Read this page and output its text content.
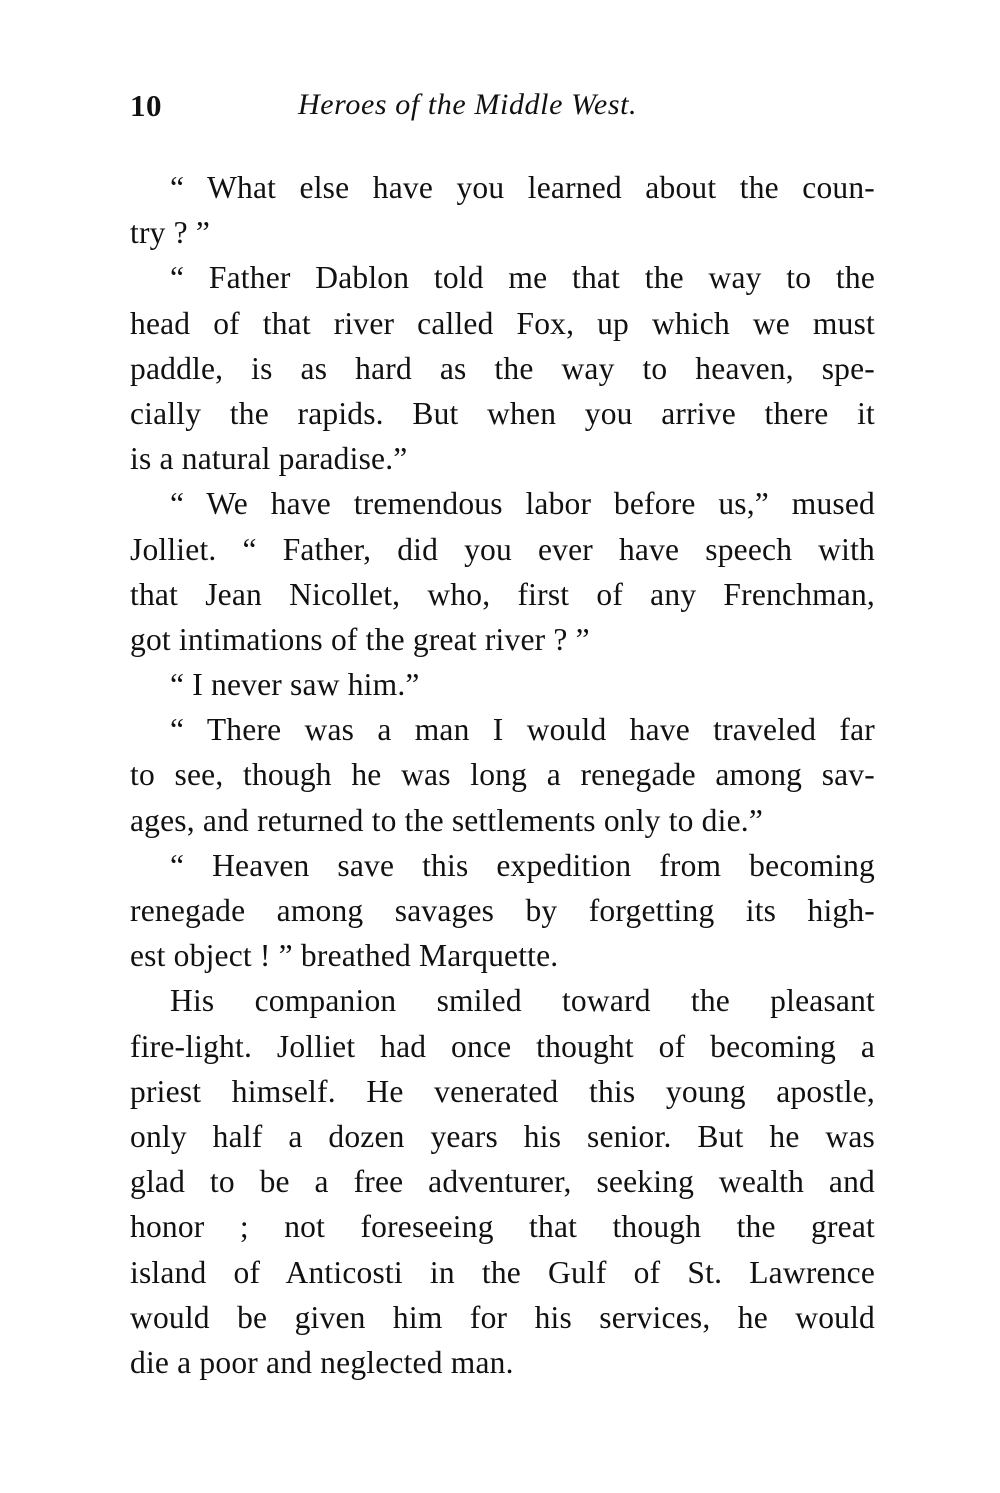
10	Heroes of the Middle West.
“ What else have you learned about the coun-
try ? ”
“ Father Dablon told me that the way to the
head of that river called Fox, up which we must
paddle, is as hard as the way to heaven, spe-
cially the rapids. But when you arrive there it
is a natural paradise.”
“ We have tremendous labor before us,” mused
Jolliet. “ Father, did you ever have speech with
that Jean Nicollet, who, first of any Frenchman,
got intimations of the great river ? ”
“ I never saw him.”
“ There was a man I would have traveled far
to see, though he was long a renegade among sav-
ages, and returned to the settlements only to die.”
“ Heaven save this expedition from becoming
renegade among savages by forgetting its high-
est object ! ” breathed Marquette.
His companion smiled toward the pleasant
fire-light. Jolliet had once thought of becoming a
priest himself. He venerated this young apostle,
only half a dozen years his senior. But he was
glad to be a free adventurer, seeking wealth and
honor ; not foreseeing that though the great
island of Anticosti in the Gulf of St. Lawrence
would be given him for his services, he would
die a poor and neglected man.
